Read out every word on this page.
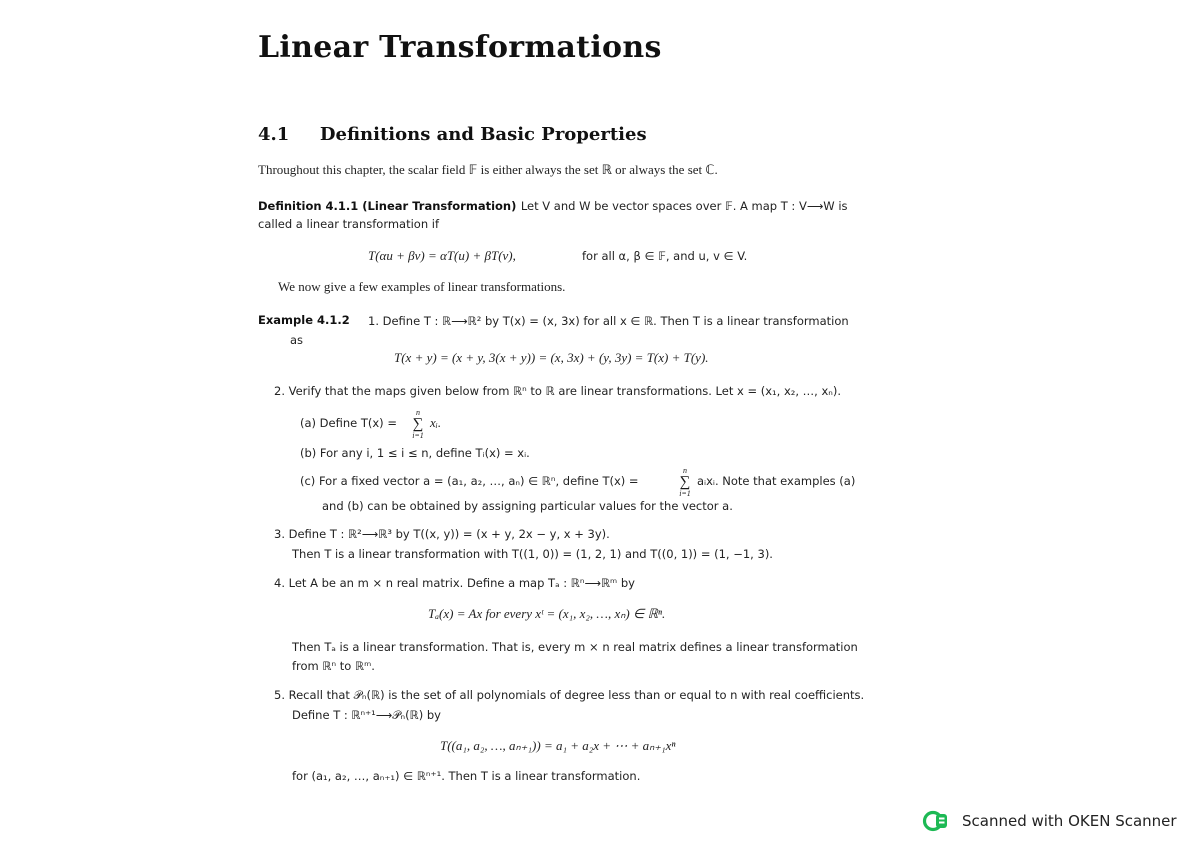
Linear Transformations
4.1 Definitions and Basic Properties
Throughout this chapter, the scalar field 𝔽 is either always the set ℝ or always the set ℂ.
Definition 4.1.1 (Linear Transformation) Let V and W be vector spaces over 𝔽. A map T : V⟶W is
called a linear transformation if
T(αu + βv) = αT(u) + βT(v),	for all α, β ∈ 𝔽, and u, v ∈ V.
We now give a few examples of linear transformations.
Example 4.1.2 1. Define T : ℝ⟶ℝ² by T(x) = (x, 3x) for all x ∈ ℝ. Then T is a linear transformation
as
T(x + y) = (x + y, 3(x + y)) = (x, 3x) + (y, 3y) = T(x) + T(y).
2. Verify that the maps given below from ℝⁿ to ℝ are linear transformations. Let x = (x₁, x₂, …, xₙ).
(a) Define T(x) =
n
∑
i=1
xᵢ.
(b) For any i, 1 ≤ i ≤ n, define Tᵢ(x) = xᵢ.
(c) For a fixed vector a = (a₁, a₂, …, aₙ) ∈ ℝⁿ, define T(x) =
n
∑
i=1
aᵢxᵢ. Note that examples (a)
and (b) can be obtained by assigning particular values for the vector a.
3. Define T : ℝ²⟶ℝ³ by T((x, y)) = (x + y, 2x − y, x + 3y).
Then T is a linear transformation with T((1, 0)) = (1, 2, 1) and T((0, 1)) = (1, −1, 3).
4. Let A be an m × n real matrix. Define a map Tₐ : ℝⁿ⟶ℝᵐ by
Tₐ(x) = Ax for every xᵗ = (x₁, x₂, …, xₙ) ∈ ℝⁿ.
Then Tₐ is a linear transformation. That is, every m × n real matrix defines a linear transformation
from ℝⁿ to ℝᵐ.
5. Recall that 𝒫ₙ(ℝ) is the set of all polynomials of degree less than or equal to n with real coefficients.
Define T : ℝⁿ⁺¹⟶𝒫ₙ(ℝ) by
T((a₁, a₂, …, aₙ₊₁)) = a₁ + a₂x + ⋯ + aₙ₊₁xⁿ
for (a₁, a₂, …, aₙ₊₁) ∈ ℝⁿ⁺¹. Then T is a linear transformation.
Scanned with OKEN Scanner
